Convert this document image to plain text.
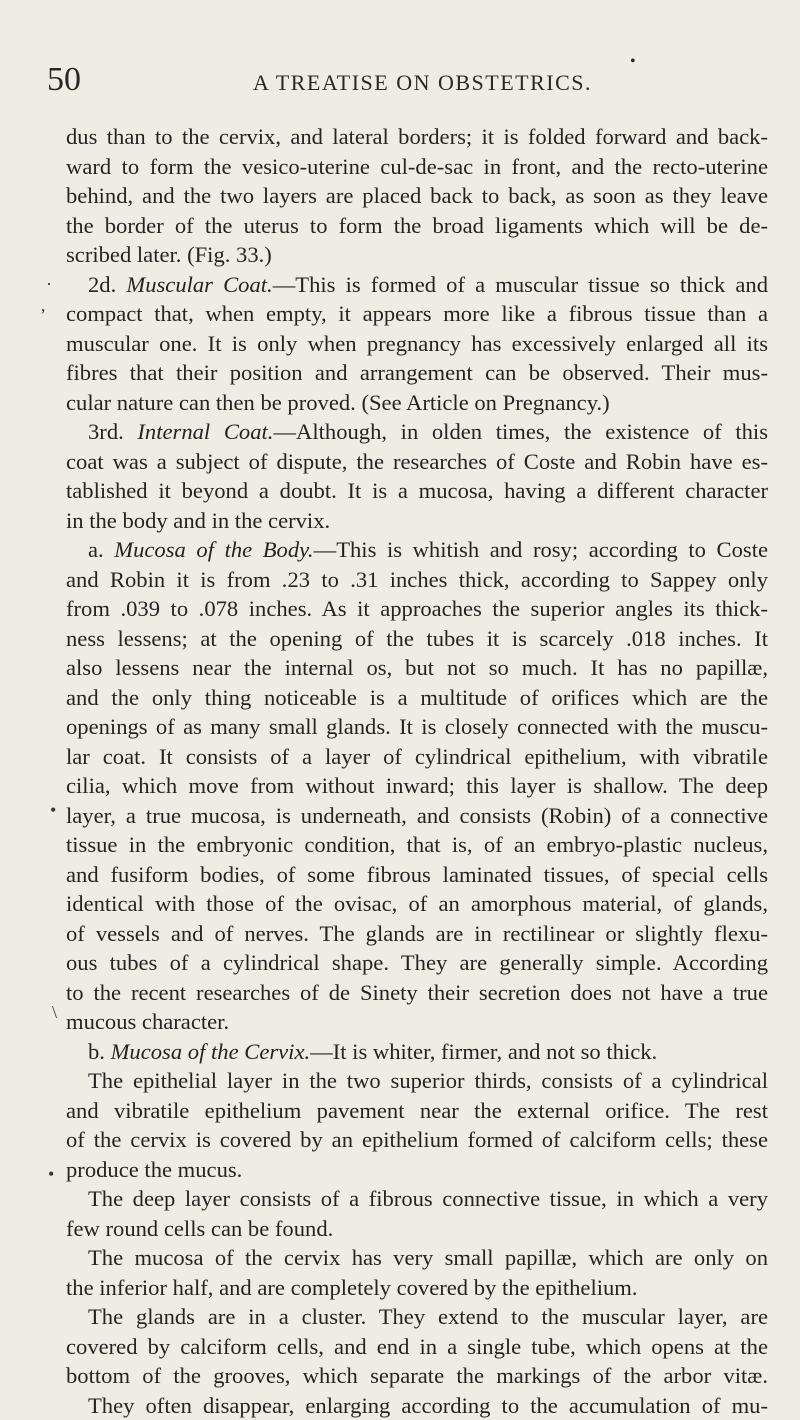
50	A TREATISE ON OBSTETRICS.
•
dus than to the cervix, and lateral borders; it is folded forward and back-
ward to form the vesico-uterine cul-de-sac in front, and the recto-uterine
behind, and the two layers are placed back to back, as soon as they leave
the border of the uterus to form the broad ligaments which will be de-
scribed later. (Fig. 33.)
2d. Muscular Coat.—This is formed of a muscular tissue so thick and
compact that, when empty, it appears more like a fibrous tissue than a
muscular one. It is only when pregnancy has excessively enlarged all its
fibres that their position and arrangement can be observed. Their mus-
cular nature can then be proved. (See Article on Pregnancy.)
3rd. Internal Coat.—Although, in olden times, the existence of this
coat was a subject of dispute, the researches of Coste and Robin have es-
tablished it beyond a doubt. It is a mucosa, having a different character
in the body and in the cervix.
a. Mucosa of the Body.—This is whitish and rosy; according to Coste
and Robin it is from .23 to .31 inches thick, according to Sappey only
from .039 to .078 inches. As it approaches the superior angles its thick-
ness lessens; at the opening of the tubes it is scarcely .018 inches. It
also lessens near the internal os, but not so much. It has no papillæ,
and the only thing noticeable is a multitude of orifices which are the
openings of as many small glands. It is closely connected with the muscu-
lar coat. It consists of a layer of cylindrical epithelium, with vibratile
cilia, which move from without inward; this layer is shallow. The deep
layer, a true mucosa, is underneath, and consists (Robin) of a connective
tissue in the embryonic condition, that is, of an embryo-plastic nucleus,
and fusiform bodies, of some fibrous laminated tissues, of special cells
identical with those of the ovisac, of an amorphous material, of glands,
of vessels and of nerves. The glands are in rectilinear or slightly flexu-
ous tubes of a cylindrical shape. They are generally simple. According
to the recent researches of de Sinety their secretion does not have a true
mucous character.
b. Mucosa of the Cervix.—It is whiter, firmer, and not so thick.
The epithelial layer in the two superior thirds, consists of a cylindrical
and vibratile epithelium pavement near the external orifice. The rest
of the cervix is covered by an epithelium formed of calciform cells; these
produce the mucus.
The deep layer consists of a fibrous connective tissue, in which a very
few round cells can be found.
The mucosa of the cervix has very small papillæ, which are only on
the inferior half, and are completely covered by the epithelium.
The glands are in a cluster. They extend to the muscular layer, are
covered by calciform cells, and end in a single tube, which opens at the
bottom of the grooves, which separate the markings of the arbor vitæ.
They often disappear, enlarging according to the accumulation of mu-
’
·
•
•
\
